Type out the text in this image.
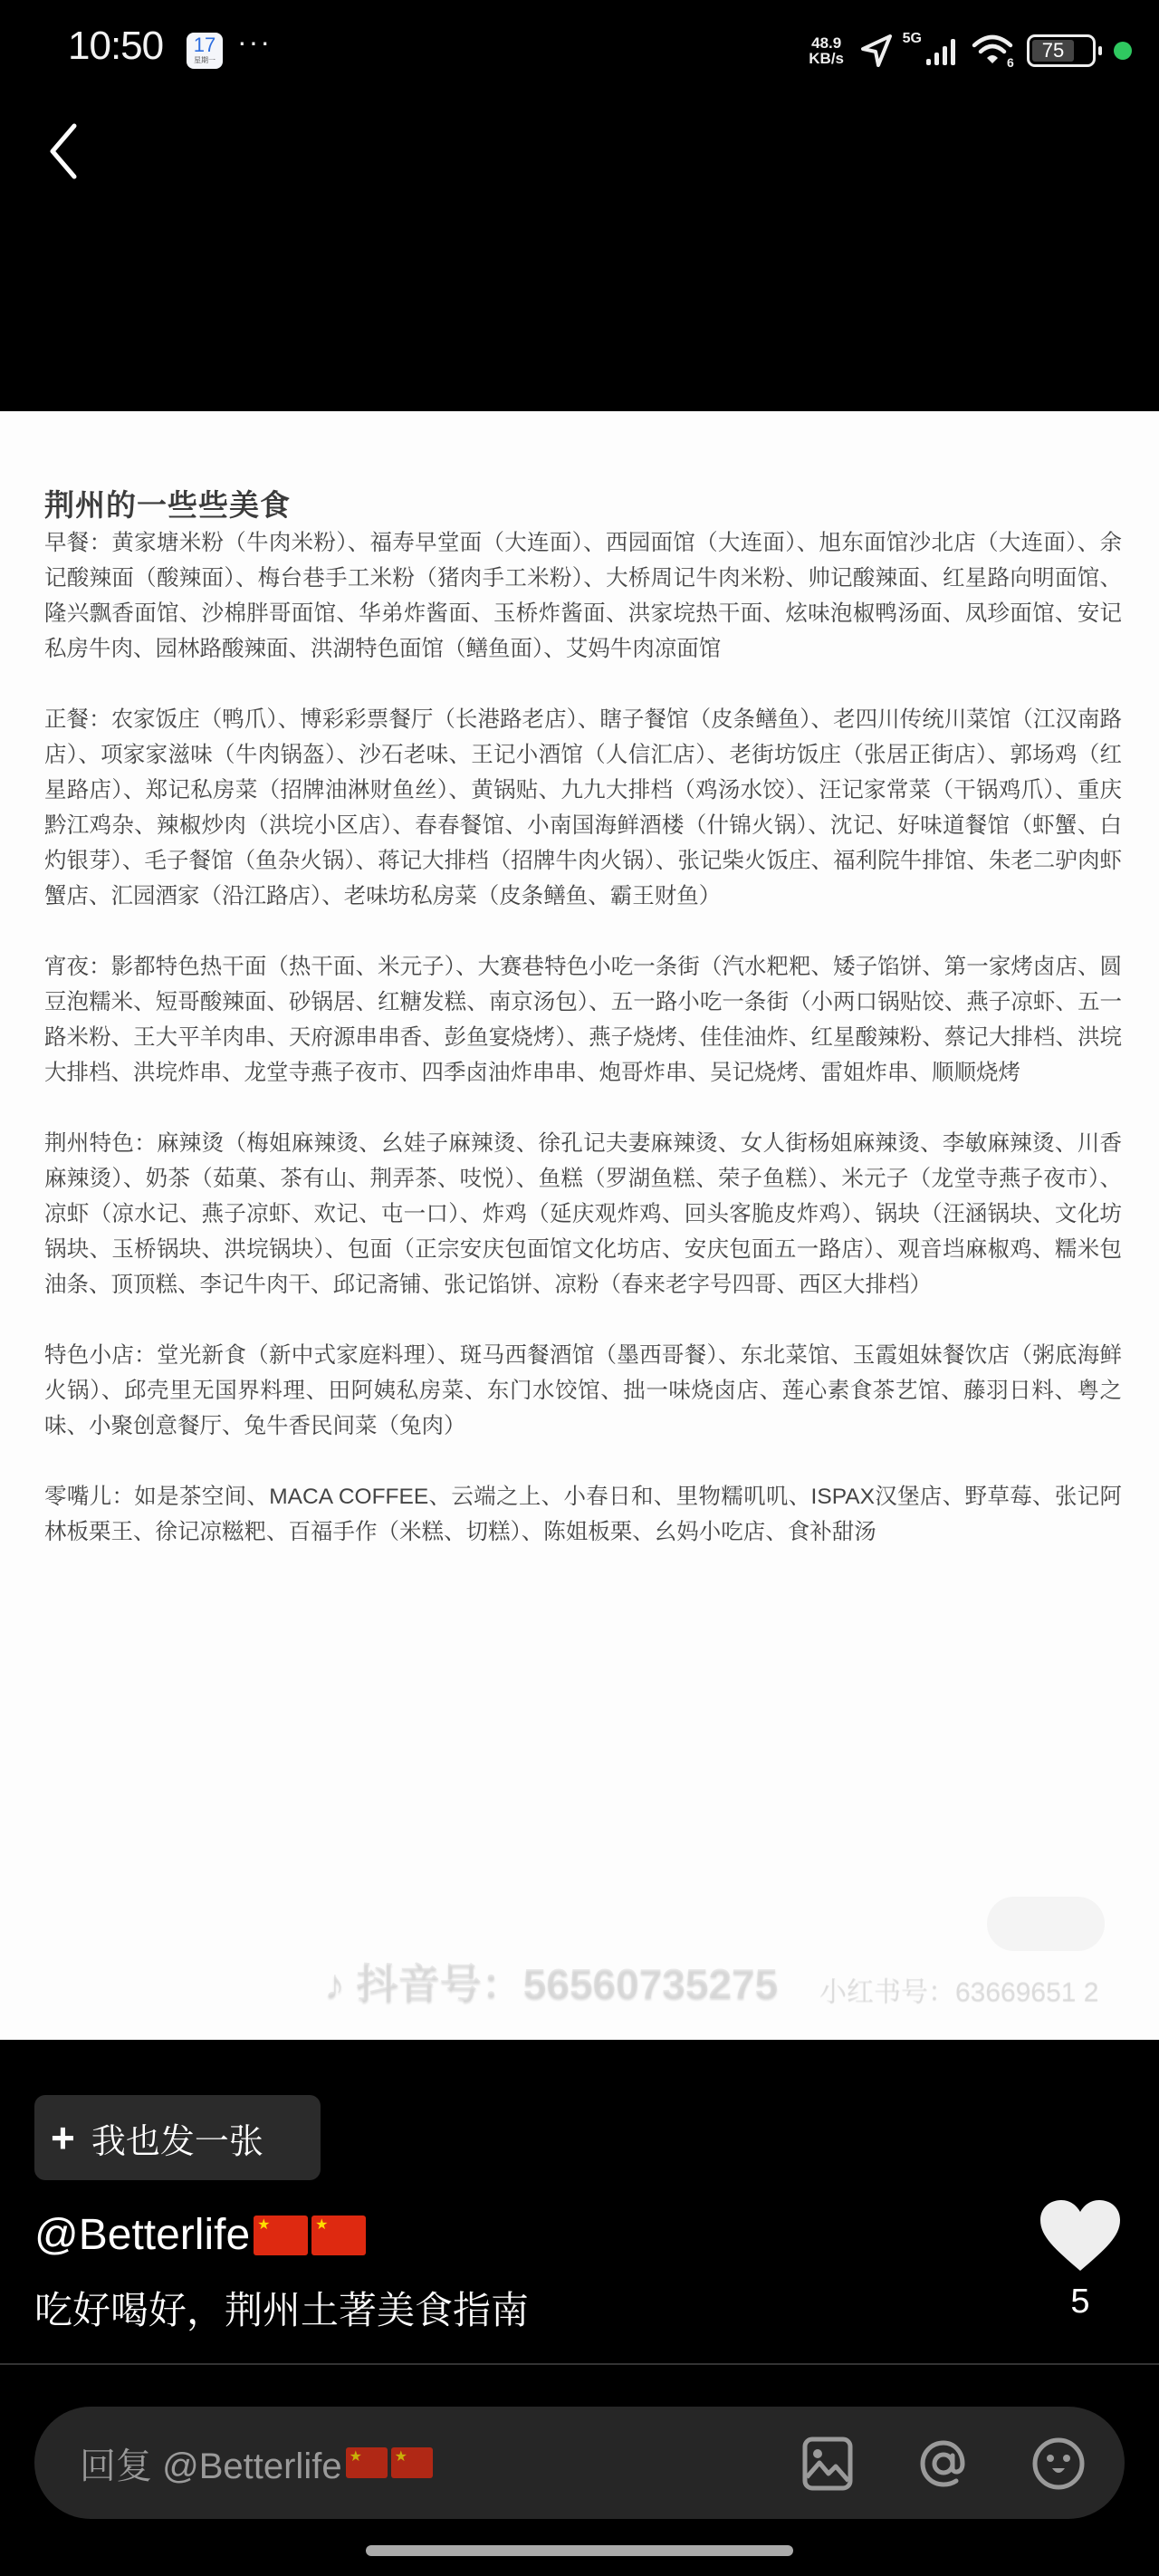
10:50	17
星期一
···	48.9
KB/s
5G
6
75
荆州的一些些美食

早餐：黄家塘米粉（牛肉米粉）、福寿早堂面（大连面）、西园面馆（大连面）、旭东面馆沙北店（大连面）、余记酸辣面（酸辣面）、梅台巷手工米粉（猪肉手工米粉）、大桥周记牛肉米粉、帅记酸辣面、红星路向明面馆、隆兴飘香面馆、沙棉胖哥面馆、华弟炸酱面、玉桥炸酱面、洪家垸热干面、炫味泡椒鸭汤面、凤珍面馆、安记私房牛肉、园林路酸辣面、洪湖特色面馆（鳝鱼面）、艾妈牛肉凉面馆

正餐：农家饭庄（鸭爪）、博彩彩票餐厅（长港路老店）、瞎子餐馆（皮条鳝鱼）、老四川传统川菜馆（江汉南路店）、项家家滋味（牛肉锅盔）、沙石老味、王记小酒馆（人信汇店）、老街坊饭庄（张居正街店）、郭场鸡（红星路店）、郑记私房菜（招牌油淋财鱼丝）、黄锅贴、九九大排档（鸡汤水饺）、汪记家常菜（干锅鸡爪）、重庆黔江鸡杂、辣椒炒肉（洪垸小区店）、春春餐馆、小南国海鲜酒楼（什锦火锅）、沈记、好味道餐馆（虾蟹、白灼银芽）、毛子餐馆（鱼杂火锅）、蒋记大排档（招牌牛肉火锅）、张记柴火饭庄、福利院牛排馆、朱老二驴肉虾蟹店、汇园酒家（沿江路店）、老味坊私房菜（皮条鳝鱼、霸王财鱼）

宵夜：影都特色热干面（热干面、米元子）、大赛巷特色小吃一条街（汽水粑粑、矮子馅饼、第一家烤卤店、圆豆泡糯米、短哥酸辣面、砂锅居、红糖发糕、南京汤包）、五一路小吃一条街（小两口锅贴饺、燕子凉虾、五一路米粉、王大平羊肉串、天府源串串香、彭鱼宴烧烤）、燕子烧烤、佳佳油炸、红星酸辣粉、蔡记大排档、洪垸大排档、洪垸炸串、龙堂寺燕子夜市、四季卤油炸串串、炮哥炸串、吴记烧烤、雷姐炸串、顺顺烧烤

荆州特色：麻辣烫（梅姐麻辣烫、幺娃子麻辣烫、徐孔记夫妻麻辣烫、女人街杨姐麻辣烫、李敏麻辣烫、川香麻辣烫）、奶茶（茹菓、茶有山、荆弄茶、吱悦）、鱼糕（罗湖鱼糕、荣子鱼糕）、米元子（龙堂寺燕子夜市）、凉虾（凉水记、燕子凉虾、欢记、屯一口）、炸鸡（延庆观炸鸡、回头客脆皮炸鸡）、锅块（汪涵锅块、文化坊锅块、玉桥锅块、洪垸锅块）、包面（正宗安庆包面馆文化坊店、安庆包面五一路店）、观音垱麻椒鸡、糯米包油条、顶顶糕、李记牛肉干、邱记斋铺、张记馅饼、凉粉（春来老字号四哥、西区大排档）

特色小店：堂光新食（新中式家庭料理）、斑马西餐酒馆（墨西哥餐）、东北菜馆、玉霞姐妹餐饮店（粥底海鲜火锅）、邱壳里无国界料理、田阿姨私房菜、东门水饺馆、拙一味烧卤店、莲心素食茶艺馆、藤羽日料、粤之味、小聚创意餐厅、兔牛香民间菜（兔肉）

零嘴儿：如是茶空间、MACA COFFEE、云端之上、小春日和、里物糯叽叽、ISPAX汉堡店、野草莓、张记阿林板栗王、徐记凉糍粑、百福手作（米糕、切糕）、陈姐板栗、幺妈小吃店、食补甜汤

♪ 抖音号：56560735275 小红书号：63669651 2
+ 我也发一张
@Betterlife
★
★
吃好喝好，荆州土著美食指南	5
回复 @Betterlife
★
★
